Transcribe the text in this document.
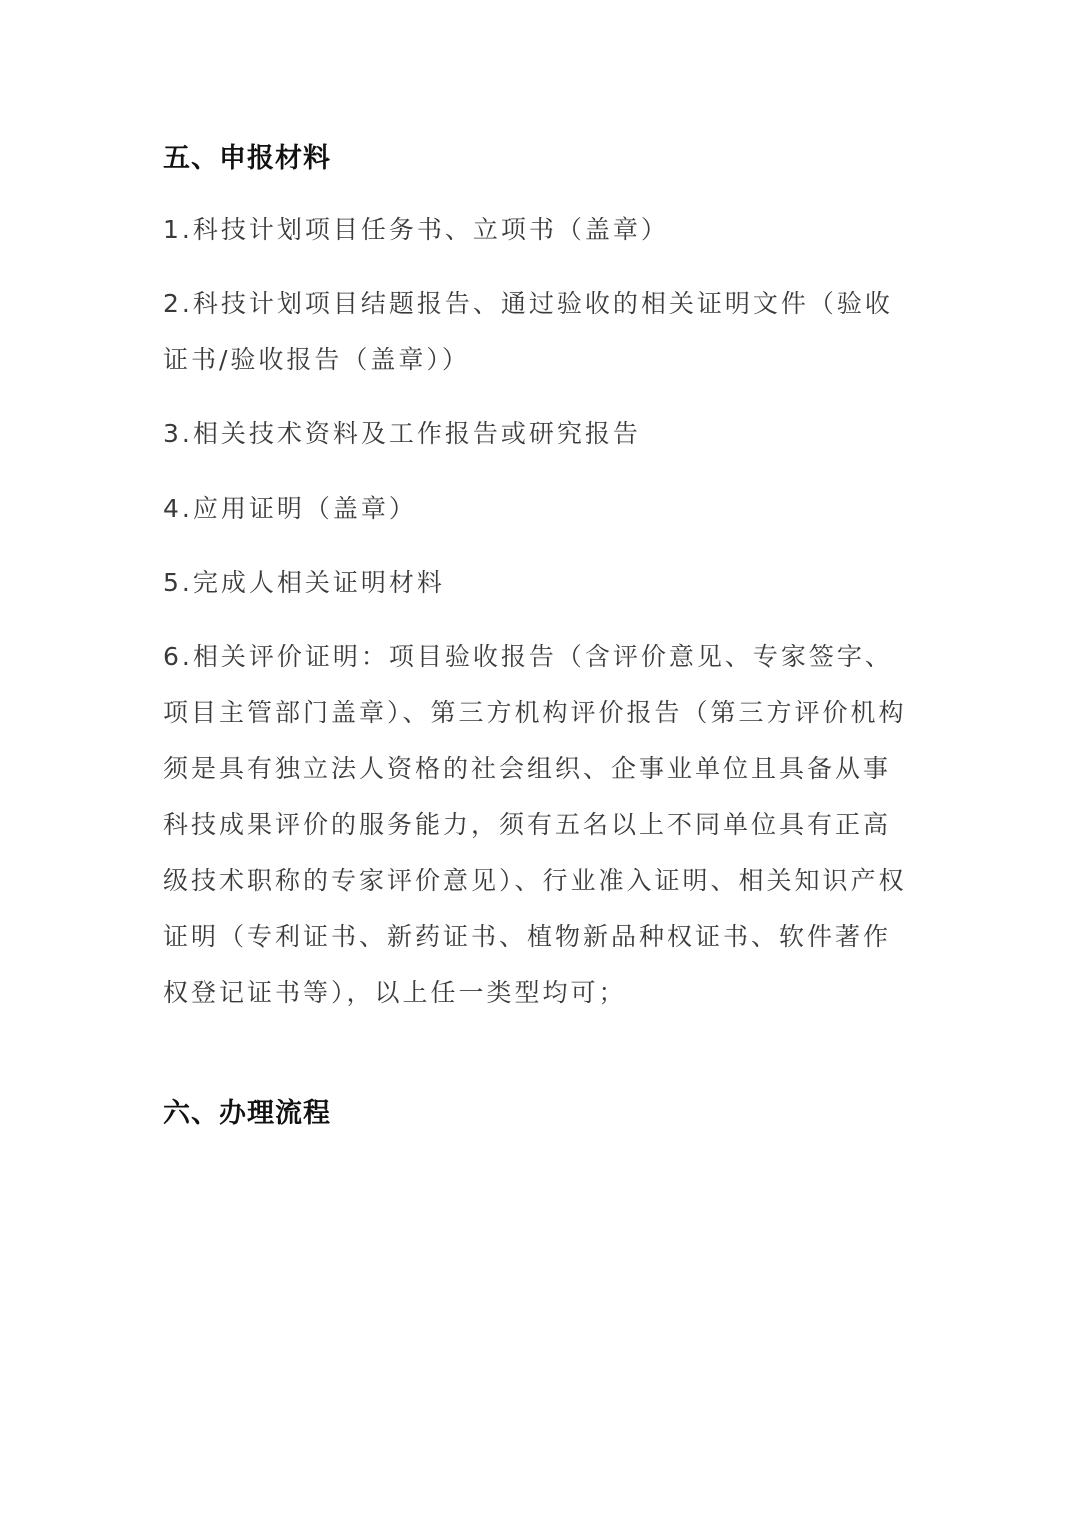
五、申报材料

1.科技计划项目任务书、立项书（盖章）

2.科技计划项目结题报告、通过验收的相关证明文件（验收证书/验收报告（盖章））

3.相关技术资料及工作报告或研究报告

4.应用证明（盖章）

5.完成人相关证明材料

6.相关评价证明：项目验收报告（含评价意见、专家签字、项目主管部门盖章）、第三方机构评价报告（第三方评价机构须是具有独立法人资格的社会组织、企事业单位且具备从事科技成果评价的服务能力，须有五名以上不同单位具有正高级技术职称的专家评价意见）、行业准入证明、相关知识产权证明（专利证书、新药证书、植物新品种权证书、软件著作权登记证书等），以上任一类型均可；

六、办理流程
